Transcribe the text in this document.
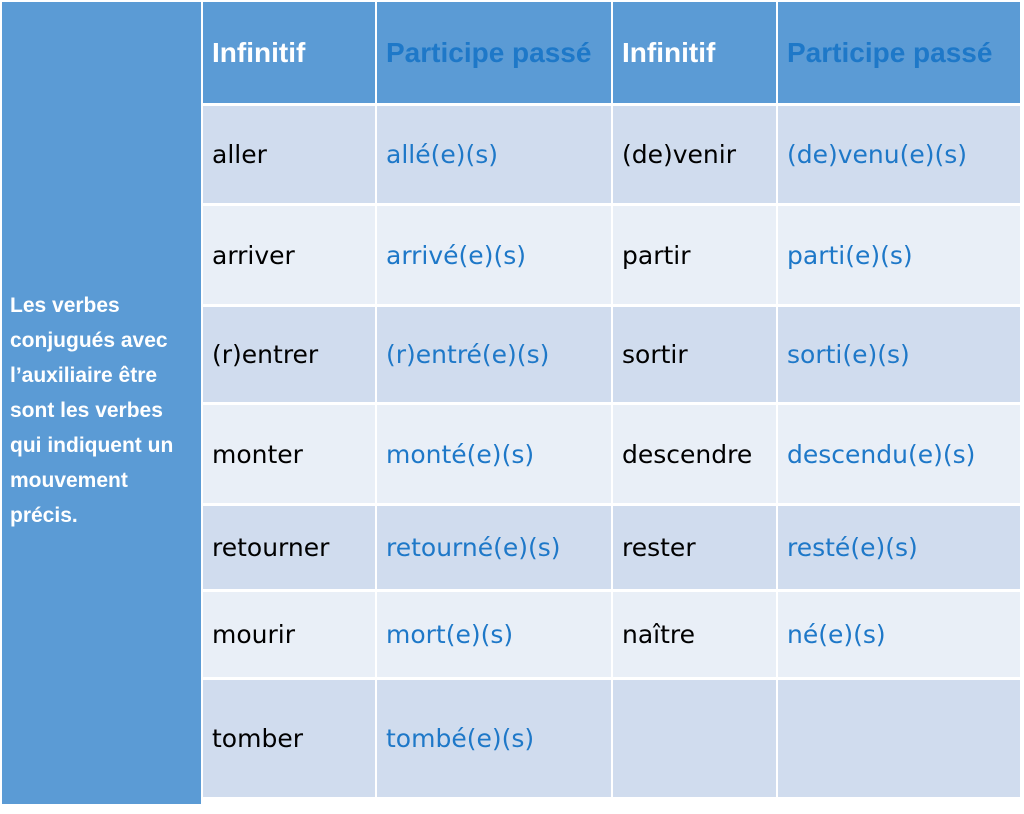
Les verbes conjugués avec l’auxiliaire être sont les verbes qui indiquent un mouvement précis.
Infinitif	Participe passé	Infinitif	Participe passé
aller	allé(e)(s)	(de)venir	(de)venu(e)(s)
arriver	arrivé(e)(s)	partir	parti(e)(s)
(r)entrer	(r)entré(e)(s)	sortir	sorti(e)(s)
monter	monté(e)(s)	descendre	descendu(e)(s)
retourner	retourné(e)(s)	rester	resté(e)(s)
mourir	mort(e)(s)	naître	né(e)(s)
tomber	tombé(e)(s)
